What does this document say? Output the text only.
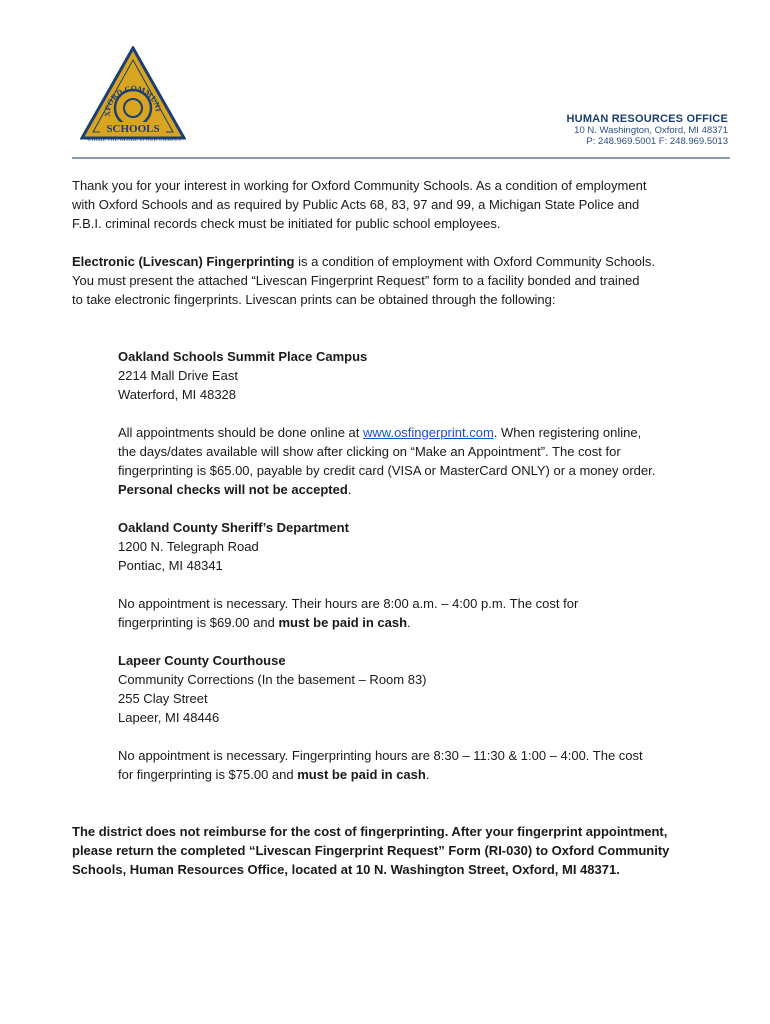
XFORD COMMUNI
SCHOOLS
WHERE THE GLOBE IS OUR CAMPUS
HUMAN RESOURCES OFFICE
10 N. Washington, Oxford, MI 48371
P: 248.969.5001 F: 248.969.5013

Thank you for your interest in working for Oxford Community Schools. As a condition of employment

with Oxford Schools and as required by Public Acts 68, 83, 97 and 99, a Michigan State Police and

F.B.I. criminal records check must be initiated for public school employees.

Electronic (Livescan) Fingerprinting is a condition of employment with Oxford Community Schools.

You must present the attached “Livescan Fingerprint Request” form to a facility bonded and trained

to take electronic fingerprints. Livescan prints can be obtained through the following:

Oakland Schools Summit Place Campus

2214 Mall Drive East

Waterford, MI 48328

All appointments should be done online at www.osfingerprint.com. When registering online,

the days/dates available will show after clicking on “Make an Appointment”. The cost for

fingerprinting is $65.00, payable by credit card (VISA or MasterCard ONLY) or a money order.

Personal checks will not be accepted.

Oakland County Sheriff’s Department

1200 N. Telegraph Road

Pontiac, MI 48341

No appointment is necessary. Their hours are 8:00 a.m. – 4:00 p.m. The cost for

fingerprinting is $69.00 and must be paid in cash.

Lapeer County Courthouse

Community Corrections (In the basement – Room 83)

255 Clay Street

Lapeer, MI 48446

No appointment is necessary. Fingerprinting hours are 8:30 – 11:30 & 1:00 – 4:00. The cost

for fingerprinting is $75.00 and must be paid in cash.

The district does not reimburse for the cost of fingerprinting. After your fingerprint appointment,

please return the completed “Livescan Fingerprint Request” Form (RI-030) to Oxford Community

Schools, Human Resources Office, located at 10 N. Washington Street, Oxford, MI 48371.
